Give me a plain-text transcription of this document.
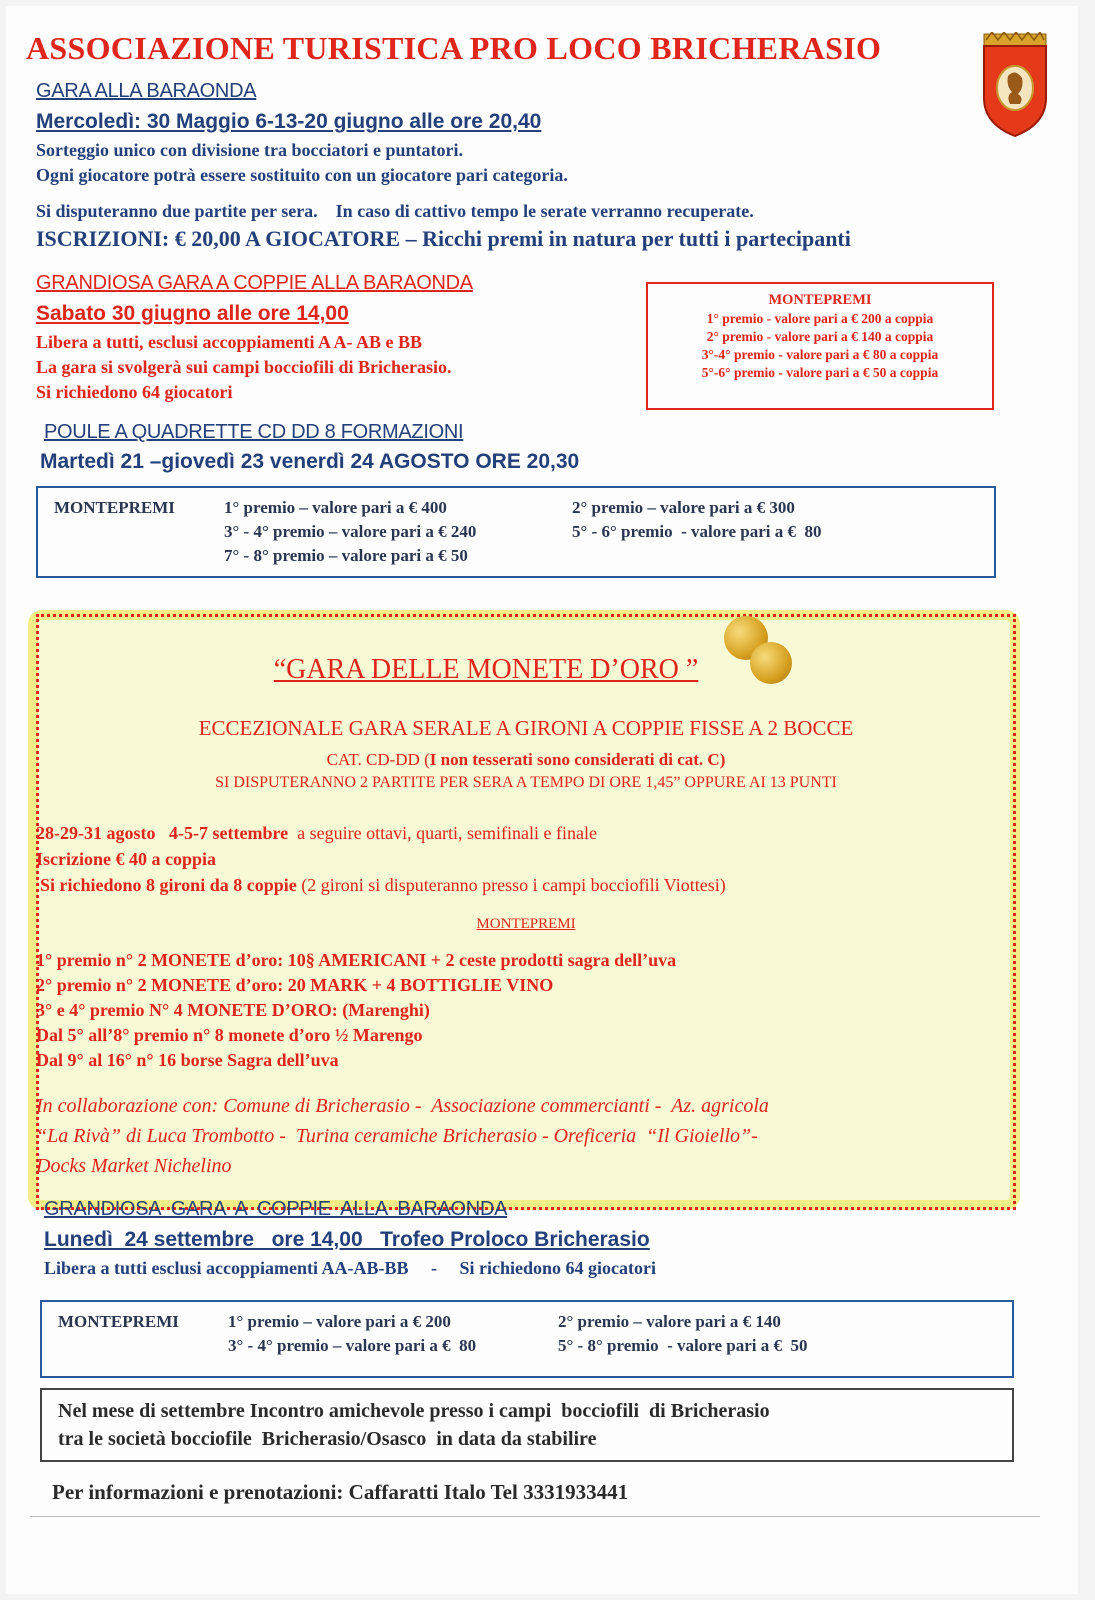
ASSOCIAZIONE TURISTICA PRO LOCO BRICHERASIO
GARA ALLA BARAONDA
Mercoledì: 30 Maggio 6-13-20 giugno alle ore 20,40
Sorteggio unico con divisione tra bocciatori e puntatori.
Ogni giocatore potrà essere sostituito con un giocatore pari categoria.
Si disputeranno due partite per sera.    In caso di cattivo tempo le serate verranno recuperate.
ISCRIZIONI: € 20,00 A GIOCATORE – Ricchi premi in natura per tutti i partecipanti
GRANDIOSA GARA A COPPIE ALLA BARAONDA
Sabato 30 giugno alle ore 14,00
Libera a tutti, esclusi accoppiamenti A A- AB e BB
La gara si svolgerà sui campi bocciofili di Bricherasio.
Si richiedono 64 giocatori
MONTEPREMI
1° premio - valore pari a € 200 a coppia
2° premio - valore pari a € 140 a coppia
3°-4° premio - valore pari a € 80 a coppia
5°-6° premio - valore pari a € 50 a coppia
POULE A QUADRETTE CD DD 8 FORMAZIONI
Martedì 21 –giovedì 23 venerdì 24 AGOSTO ORE 20,30
MONTEPREMI	1° premio – valore pari a € 400
3° - 4° premio – valore pari a € 240
7° - 8° premio – valore pari a € 50
2° premio – valore pari a € 300
5° - 6° premio  - valore pari a €  80
“GARA DELLE MONETE D’ORO ”
ECCEZIONALE GARA SERALE A GIRONI A COPPIE FISSE A 2 BOCCE
CAT. CD-DD (I non tesserati sono considerati di cat. C)
SI DISPUTERANNO 2 PARTITE PER SERA A TEMPO DI ORE 1,45” OPPURE AI 13 PUNTI
28-29-31 agosto   4-5-7 settembre  a seguire ottavi, quarti, semifinali e finale
Iscrizione € 40 a coppia
Si richiedono 8 gironi da 8 coppie (2 gironi si disputeranno presso i campi bocciofili Viottesi)
MONTEPREMI
1° premio n° 2 MONETE d’oro: 10§ AMERICANI + 2 ceste prodotti sagra dell’uva
2° premio n° 2 MONETE d’oro: 20 MARK + 4 BOTTIGLIE VINO
3° e 4° premio N° 4 MONETE D’ORO: (Marenghi)
Dal 5° all’8° premio n° 8 monete d’oro ½ Marengo
Dal 9° al 16° n° 16 borse Sagra dell’uva
In collaborazione con: Comune di Bricherasio -  Associazione commercianti -  Az. agricola
“La Rivà” di Luca Trombotto -  Turina ceramiche Bricherasio - Oreficeria  “Il Gioiello”-
Docks Market Nichelino
GRANDIOSA  GARA  A  COPPIE  ALLA  BARAONDA
Lunedì  24 settembre   ore 14,00   Trofeo Proloco Bricherasio
Libera a tutti esclusi accoppiamenti AA-AB-BB     -     Si richiedono 64 giocatori
MONTEPREMI	1° premio – valore pari a € 200
3° - 4° premio – valore pari a €  80
2° premio – valore pari a € 140
5° - 8° premio  - valore pari a €  50
Nel mese di settembre Incontro amichevole presso i campi  bocciofili  di Bricherasio
tra le società bocciofile  Bricherasio/Osasco  in data da stabilire
Per informazioni e prenotazioni: Caffaratti Italo Tel 3331933441
